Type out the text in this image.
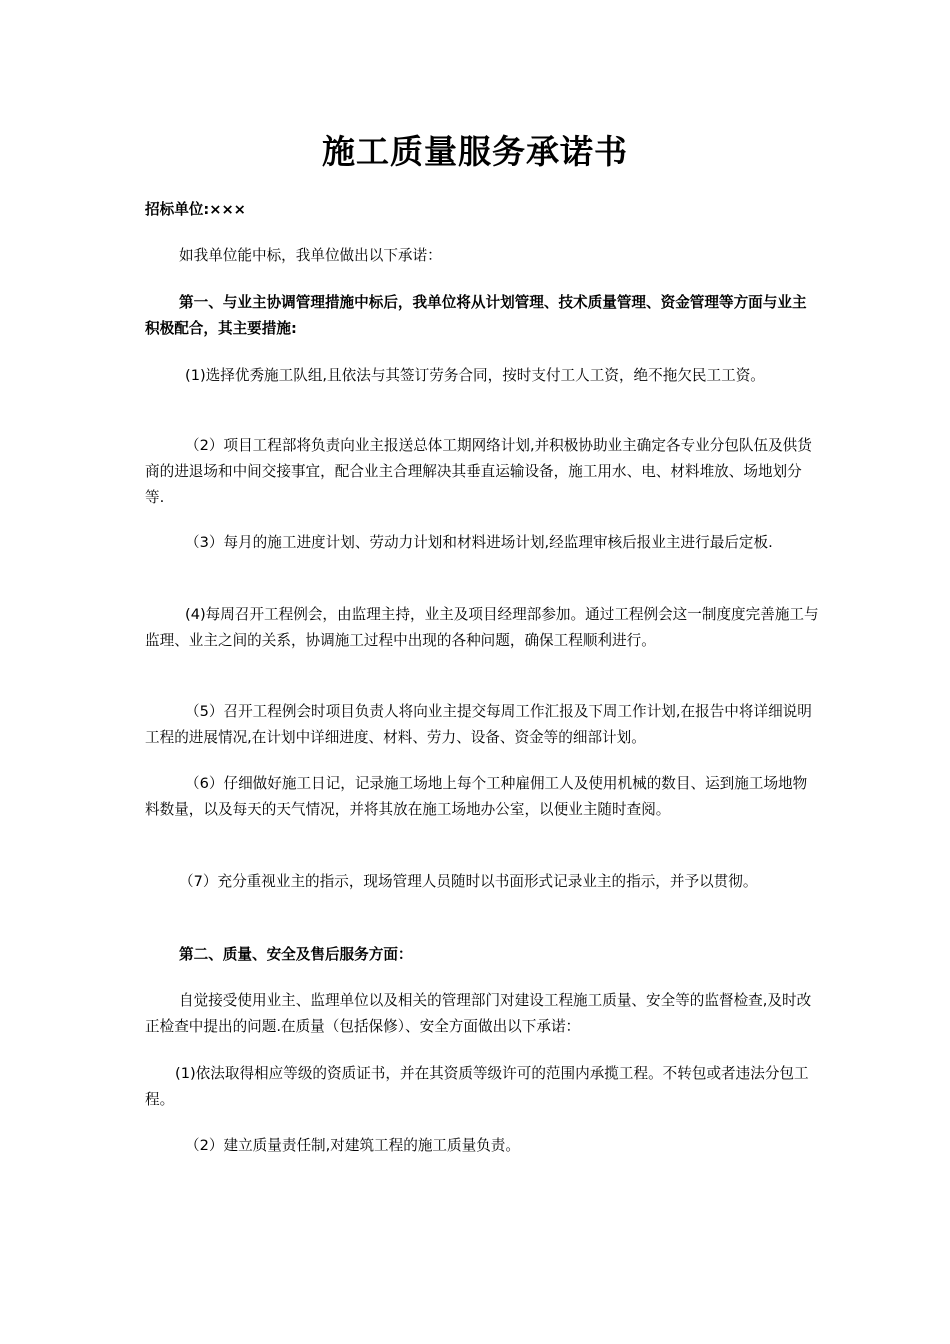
施工质量服务承诺书

招标单位:×××

如我单位能中标，我单位做出以下承诺：

第一、与业主协调管理措施中标后，我单位将从计划管理、技术质量管理、资金管理等方面与业主积极配合，其主要措施:

(1)选择优秀施工队组,且依法与其签订劳务合同，按时支付工人工资，绝不拖欠民工工资。

（2）项目工程部将负责向业主报送总体工期网络计划,并积极协助业主确定各专业分包队伍及供货商的进退场和中间交接事宜，配合业主合理解决其垂直运输设备，施工用水、电、材料堆放、场地划分等.

（3）每月的施工进度计划、劳动力计划和材料进场计划,经监理审核后报业主进行最后定板.

(4)每周召开工程例会，由监理主持，业主及项目经理部参加。通过工程例会这一制度度完善施工与监理、业主之间的关系，协调施工过程中出现的各种问题，确保工程顺利进行。

（5）召开工程例会时项目负责人将向业主提交每周工作汇报及下周工作计划,在报告中将详细说明工程的进展情况,在计划中详细进度、材料、劳力、设备、资金等的细部计划。

（6）仔细做好施工日记，记录施工场地上每个工种雇佣工人及使用机械的数目、运到施工场地物料数量，以及每天的天气情况，并将其放在施工场地办公室，以便业主随时查阅。

（7）充分重视业主的指示，现场管理人员随时以书面形式记录业主的指示，并予以贯彻。

第二、质量、安全及售后服务方面：

自觉接受使用业主、监理单位以及相关的管理部门对建设工程施工质量、安全等的监督检查,及时改正检查中提出的问题.在质量（包括保修）、安全方面做出以下承诺：

(1)依法取得相应等级的资质证书，并在其资质等级许可的范围内承揽工程。不转包或者违法分包工程。

（2）建立质量责任制,对建筑工程的施工质量负责。
